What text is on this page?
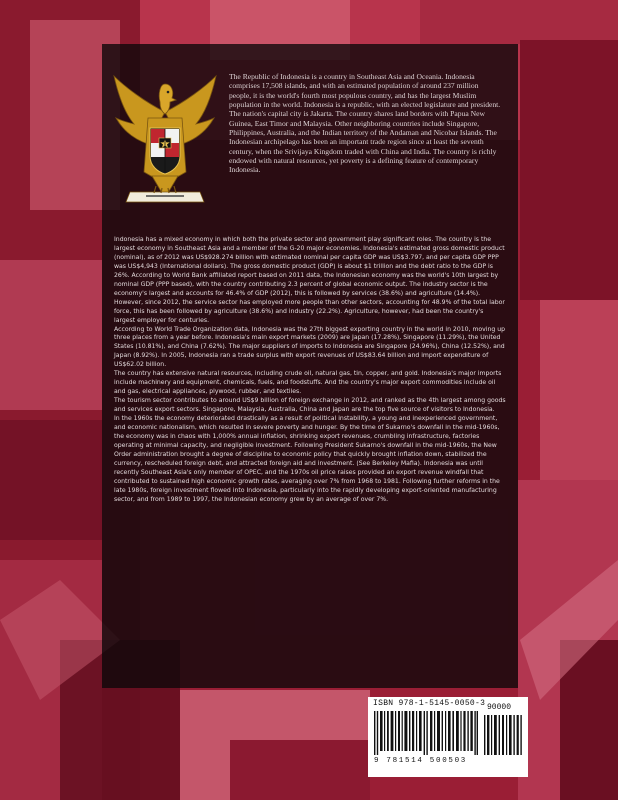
The Republic of Indonesia is a country in Southeast Asia and Oceania. Indonesia comprises 17,508 islands, and with an estimated population of around 237 million people, it is the world's fourth most populous country, and has the largest Muslim population in the world. Indonesia is a republic, with an elected legislature and president. The nation's capital city is Jakarta. The country shares land borders with Papua New Guinea, East Timor and Malaysia. Other neighboring countries include Singapore, Philippines, Australia, and the Indian territory of the Andaman and Nicobar Islands. The Indonesian archipelago has been an important trade region since at least the seventh century, when the Srivijaya Kingdom traded with China and India. The country is richly endowed with natural resources, yet poverty is a defining feature of contemporary Indonesia.

Indonesia has a mixed economy in which both the private sector and government play significant roles. The country is the largest economy in Southeast Asia and a member of the G-20 major economies. Indonesia's estimated gross domestic product (nominal), as of 2012 was US$928.274 billion with estimated nominal per capita GDP was US$3.797, and per capita GDP PPP was US$4,943 (International dollars). The gross domestic product (GDP) is about $1 trillion and the debt ratio to the GDP is 26%. According to World Bank affiliated report based on 2011 data, the Indonesian economy was the world's 10th largest by nominal GDP (PPP based), with the country contributing 2.3 percent of global economic output. The industry sector is the economy's largest and accounts for 46.4% of GDP (2012), this is followed by services (38.6%) and agriculture (14.4%). However, since 2012, the service sector has employed more people than other sectors, accounting for 48.9% of the total labor force, this has been followed by agriculture (38.6%) and industry (22.2%). Agriculture, however, had been the country's largest employer for centuries.

According to World Trade Organization data, Indonesia was the 27th biggest exporting country in the world in 2010, moving up three places from a year before. Indonesia's main export markets (2009) are Japan (17.28%), Singapore (11.29%), the United States (10.81%), and China (7.62%). The major suppliers of imports to Indonesia are Singapore (24.96%), China (12.52%), and Japan (8.92%). In 2005, Indonesia ran a trade surplus with export revenues of US$83.64 billion and import expenditure of US$62.02 billion.

The country has extensive natural resources, including crude oil, natural gas, tin, copper, and gold. Indonesia's major imports include machinery and equipment, chemicals, fuels, and foodstuffs. And the country's major export commodities include oil and gas, electrical appliances, plywood, rubber, and textiles.

The tourism sector contributes to around US$9 billion of foreign exchange in 2012, and ranked as the 4th largest among goods and services export sectors. Singapore, Malaysia, Australia, China and Japan are the top five source of visitors to Indonesia.

In the 1960s the economy deteriorated drastically as a result of political instability, a young and inexperienced government, and economic nationalism, which resulted in severe poverty and hunger. By the time of Sukarno's downfall in the mid-1960s, the economy was in chaos with 1,000% annual inflation, shrinking export revenues, crumbling infrastructure, factories operating at minimal capacity, and negligible investment. Following President Sukarno's downfall in the mid-1960s, the New Order administration brought a degree of discipline to economic policy that quickly brought inflation down, stabilized the currency, rescheduled foreign debt, and attracted foreign aid and investment. (See Berkeley Mafia). Indonesia was until recently Southeast Asia's only member of OPEC, and the 1970s oil price raises provided an export revenue windfall that contributed to sustained high economic growth rates, averaging over 7% from 1968 to 1981. Following further reforms in the late 1980s, foreign investment flowed into Indonesia, particularly into the rapidly developing export-oriented manufacturing sector, and from 1989 to 1997, the Indonesian economy grew by an average of over 7%.

ISBN 978-1-5145-0050-3 90000
9 781514 500503
